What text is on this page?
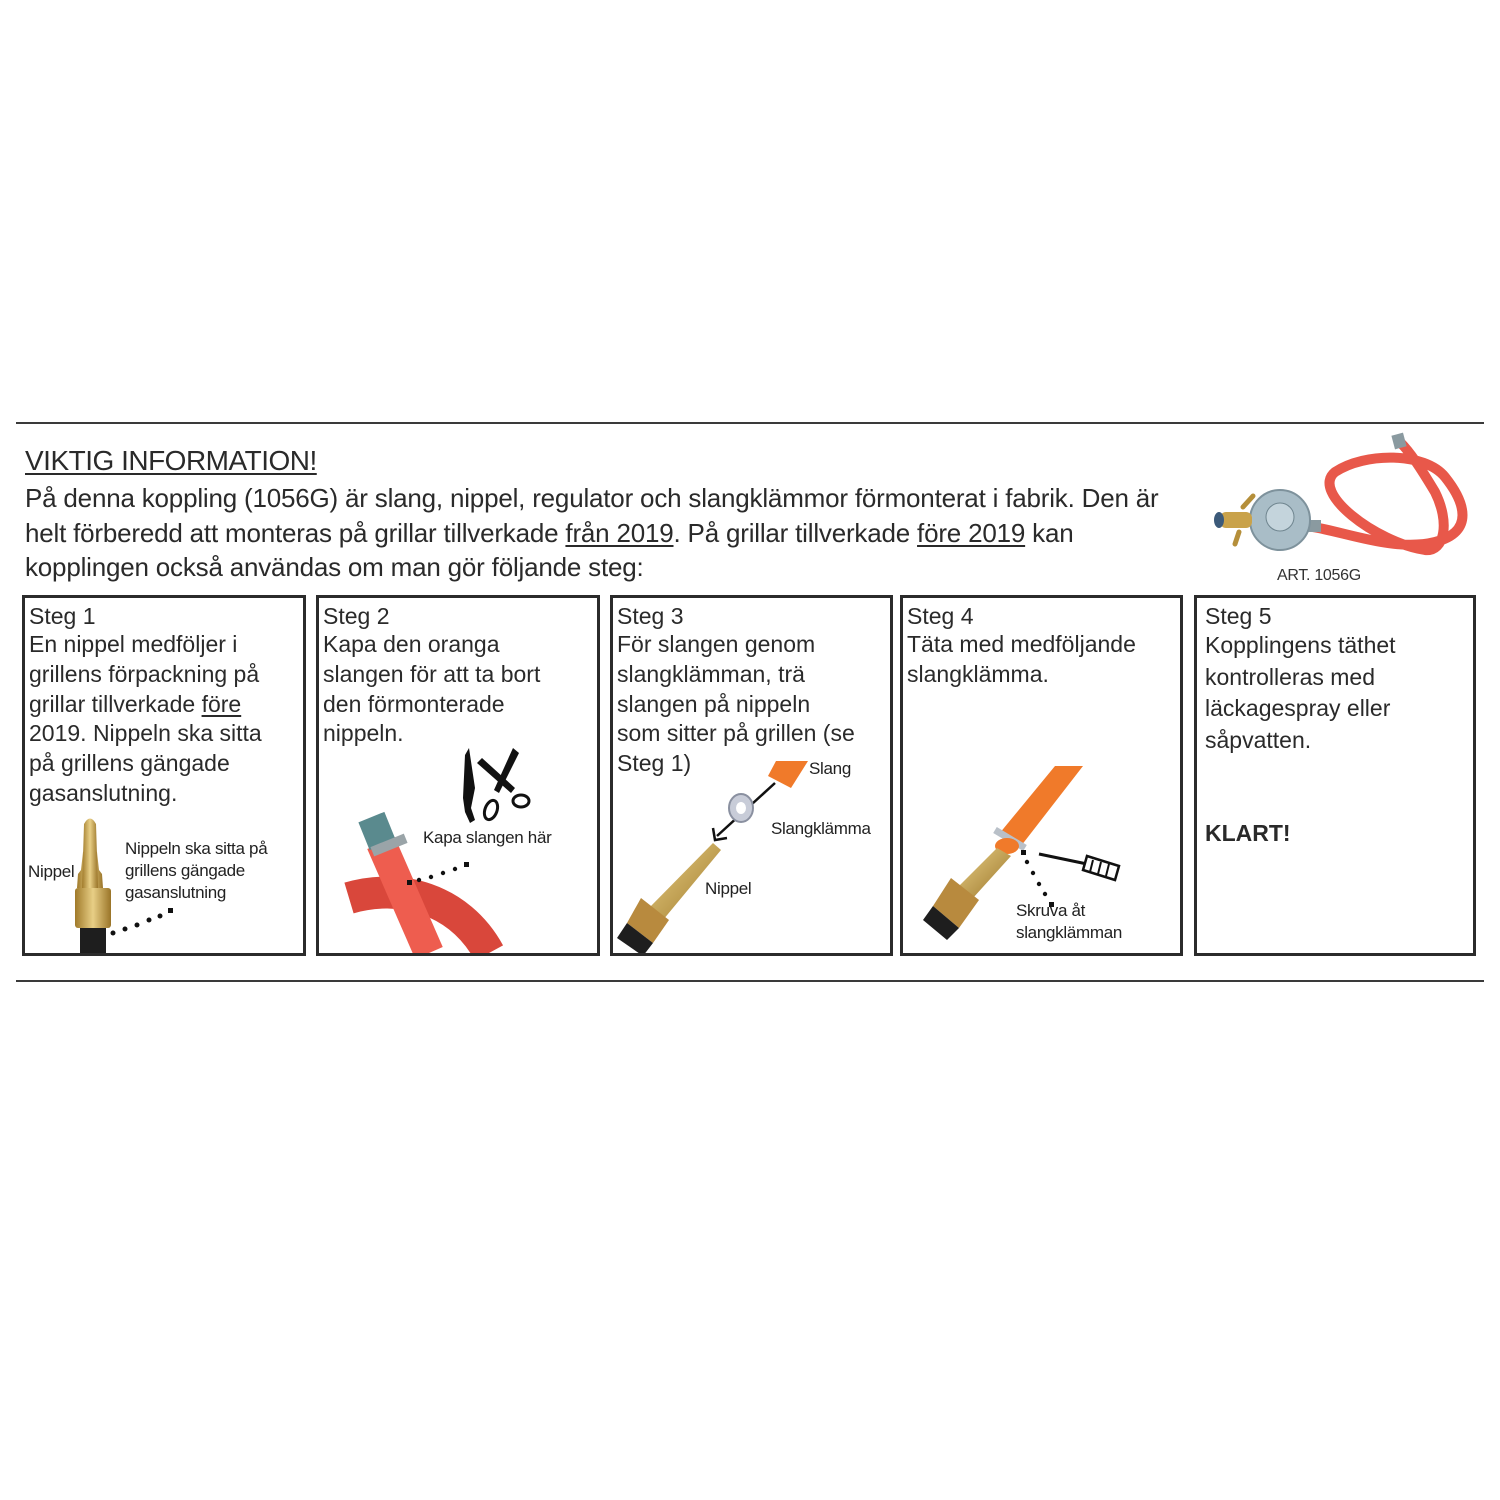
VIKTIG INFORMATION!

På denna koppling (1056G) är slang, nippel, regulator och slangklämmor förmonterat i fabrik. Den är helt förberedd att monteras på grillar tillverkade från 2019. På grillar tillverkade före 2019 kan kopplingen också användas om man gör följande steg:	ART. 1056G
Steg 1
En nippel medföljer i
grillens förpackning på
grillar tillverkade före
2019. Nippeln ska sitta
på grillens gängade
gasanslutning.
Nippel
Nippeln ska sitta på
grillens gängade
gasanslutning
Steg 2
Kapa den oranga
slangen för att ta bort
den förmonterade
nippeln.
Kapa slangen här
Steg 3
För slangen genom
slangklämman, trä
slangen på nippeln
som sitter på grillen (se
Steg 1)	Slang
Slangklämma
Nippel
Steg 4
Täta med medföljande
slangklämma.
Skruva åt
slangklämman
Steg 5
Kopplingens täthet
kontrolleras med
läckagespray eller
såpvatten.
KLART!
